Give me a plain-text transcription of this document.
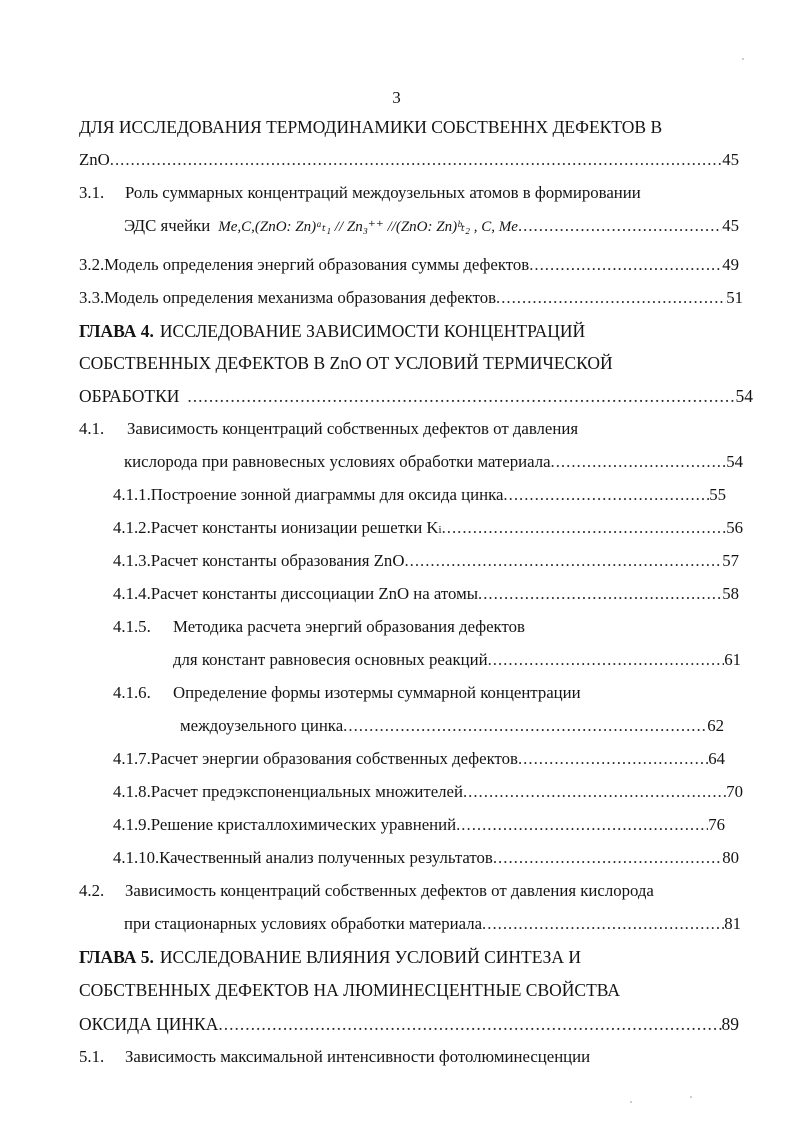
3
ДЛЯ ИССЛЕДОВАНИЯ ТЕРМОДИНАМИКИ СОБСТВЕННХ ДЕФЕКТОВ В
ZnO .....	45
3.1.	Роль суммарных концентраций междоузельных атомов в формировании
ЭДС ячейки Me,C,(ZnO: Zn)ᵃₜ₁ // Zn₃⁺⁺ //(ZnO: Zn)ᵇₜ₂ , C, Me .....	45
3.2. Модель определения энергий образования суммы дефектов .....	49
3.3. Модель определения механизма образования дефектов .....	51
ГЛАВА 4. ИССЛЕДОВАНИЕ ЗАВИСИМОСТИ КОНЦЕНТРАЦИЙ
СОБСТВЕННЫХ ДЕФЕКТОВ В ZnO ОТ УСЛОВИЙ ТЕРМИЧЕСКОЙ
ОБРАБОТКИ .....	54
4.1.	Зависимость концентраций собственных дефектов от давления
кислорода при равновесных условиях обработки материала .....	54
4.1.1. Построение зонной диаграммы для оксида цинка .....	55
4.1.2. Расчет константы ионизации решетки K i .....	56
4.1.3. Расчет константы образования ZnO .....	57
4.1.4. Расчет константы диссоциации ZnO на атомы .....	58
4.1.5.	Методика расчета энергий образования дефектов
для констант равновесия основных реакций .....	61
4.1.6.	Определение формы изотермы суммарной концентрации
междоузельного цинка .....	62
4.1.7. Расчет энергии образования собственных дефектов .....	64
4.1.8. Расчет предэкспоненциальных множителей .....	70
4.1.9. Решение кристаллохимических уравнений .....	76
4.1.10. Качественный анализ полученных результатов .....	80
4.2.	Зависимость концентраций собственных дефектов от давления кислорода
при стационарных условиях обработки материала .....	81
ГЛАВА 5. ИССЛЕДОВАНИЕ ВЛИЯНИЯ УСЛОВИЙ СИНТЕЗА И
СОБСТВЕННЫХ ДЕФЕКТОВ НА ЛЮМИНЕСЦЕНТНЫЕ СВОЙСТВА
ОКСИДА ЦИНКА .....	89
5.1.	Зависимость максимальной интенсивности фотолюминесценции
